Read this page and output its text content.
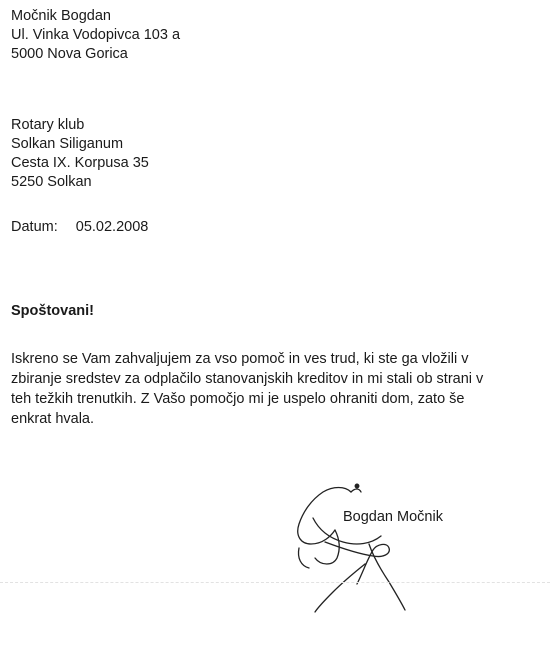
Močnik Bogdan
Ul. Vinka Vodopivca 103 a
5000 Nova Gorica
Rotary klub
Solkan Siliganum
Cesta IX. Korpusa 35
5250 Solkan
Datum: 05.02.2008
Spoštovani!
Iskreno se Vam zahvaljujem za vso pomoč in ves trud, ki ste ga vložili v
zbiranje sredstev za odplačilo stanovanjskih kreditov in mi stali ob strani v
teh težkih trenutkih. Z Vašo pomočjo mi je uspelo ohraniti dom, zato še
enkrat hvala.
Bogdan Močnik
